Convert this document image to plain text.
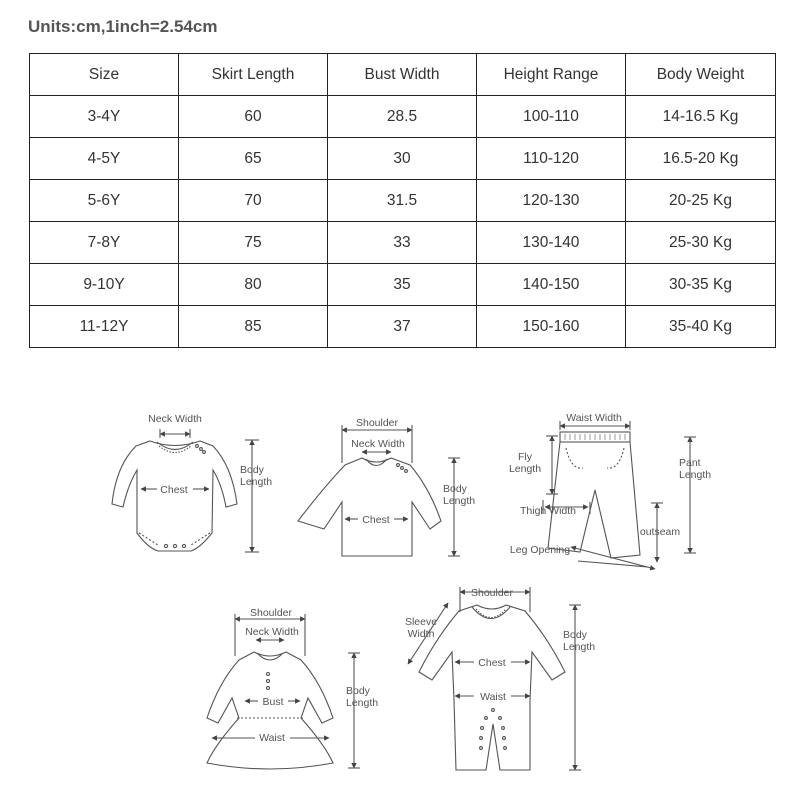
Units:cm,1inch=2.54cm
Size	Skirt Length	Bust Width	Height Range	Body Weight
3-4Y	60	28.5	100-110	14-16.5 Kg
4-5Y	65	30	110-120	16.5-20 Kg
5-6Y	70	31.5	120-130	20-25 Kg
7-8Y	75	33	130-140	25-30 Kg
9-10Y	80	35	140-150	30-35 Kg
11-12Y	85	37	150-160	35-40 Kg
Neck Width
Chest
Body
Length
Shoulder
Neck Width
Chest
Body
Length
Waist Width
Fly
Length	Pant
Length
Thigh Width
outseam
Leg Opening
Shoulder
Neck Width
Bust
Waist
Body
Length
Shoulder
Sleeve
Width
Chest
Waist
Body
Length
